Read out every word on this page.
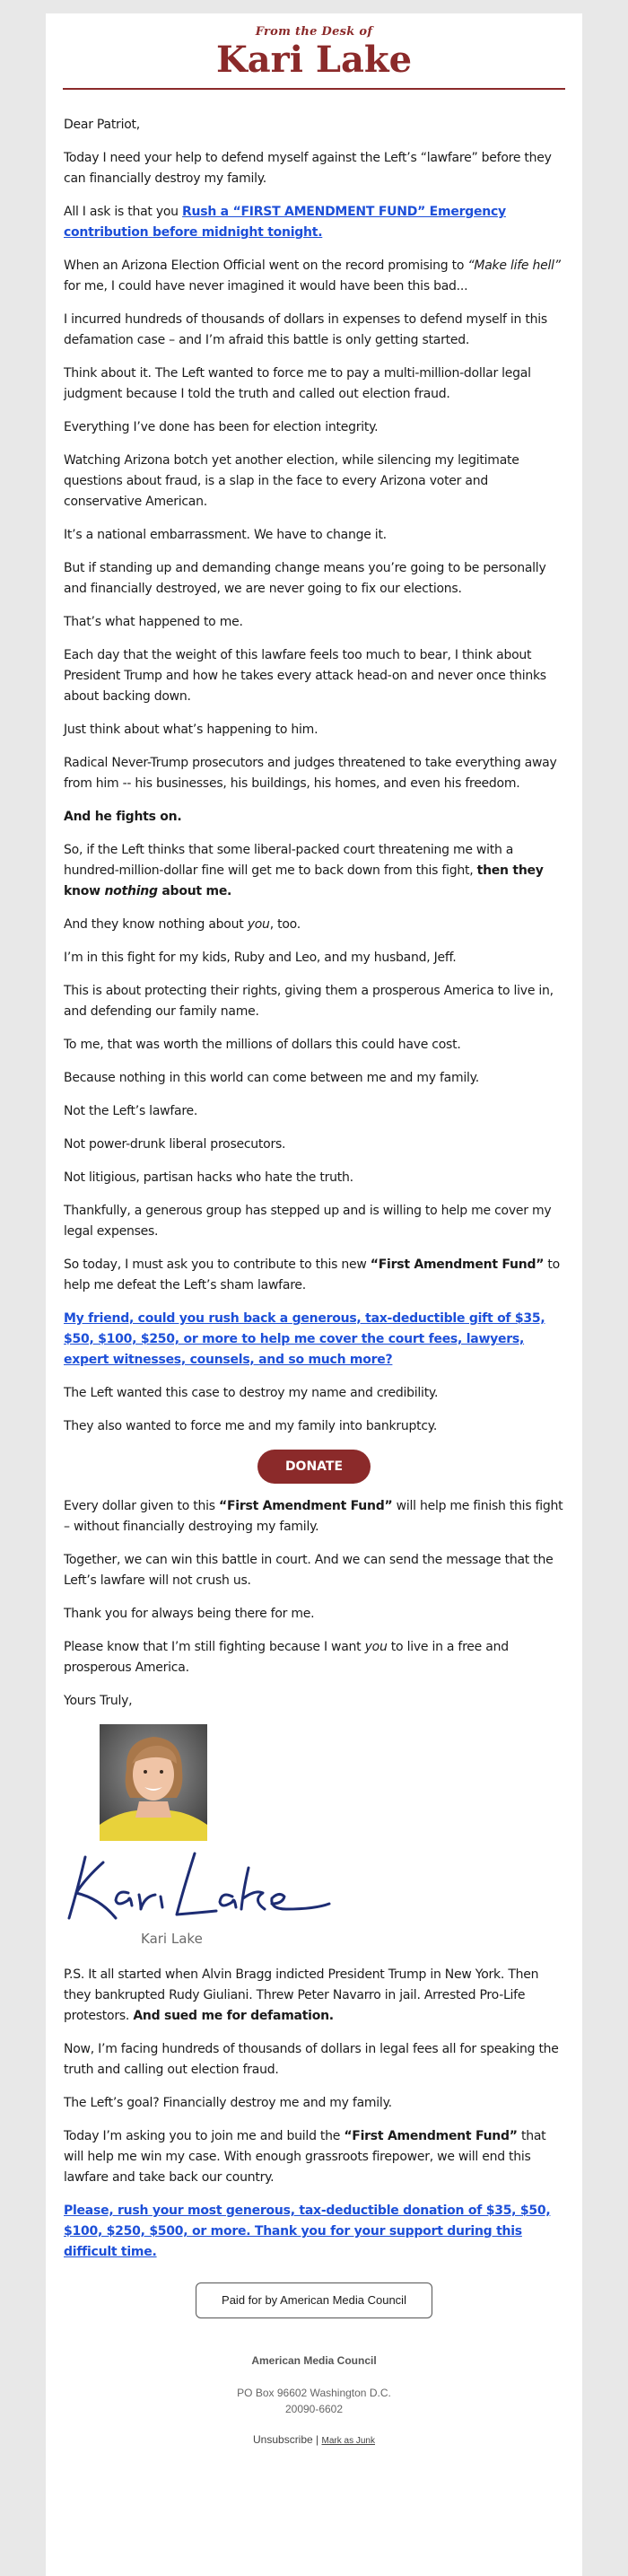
From the Desk of
Kari Lake

Dear Patriot,

Today I need your help to defend myself against the Left’s “lawfare” before they can financially destroy my family.

All I ask is that you Rush a “FIRST AMENDMENT FUND” Emergency contribution before midnight tonight.

When an Arizona Election Official went on the record promising to “Make life hell” for me, I could have never imagined it would have been this bad...

I incurred hundreds of thousands of dollars in expenses to defend myself in this defamation case – and I’m afraid this battle is only getting started.

Think about it. The Left wanted to force me to pay a multi-million-dollar legal judgment because I told the truth and called out election fraud.

Everything I’ve done has been for election integrity.

Watching Arizona botch yet another election, while silencing my legitimate questions about fraud, is a slap in the face to every Arizona voter and conservative American.

It’s a national embarrassment. We have to change it.

But if standing up and demanding change means you’re going to be personally and financially destroyed, we are never going to fix our elections.

That’s what happened to me.

Each day that the weight of this lawfare feels too much to bear, I think about President Trump and how he takes every attack head-on and never once thinks about backing down.

Just think about what’s happening to him.

Radical Never-Trump prosecutors and judges threatened to take everything away from him -- his businesses, his buildings, his homes, and even his freedom.

And he fights on.

So, if the Left thinks that some liberal-packed court threatening me with a hundred-million-dollar fine will get me to back down from this fight, then they know nothing about me.

And they know nothing about you, too.

I’m in this fight for my kids, Ruby and Leo, and my husband, Jeff.

This is about protecting their rights, giving them a prosperous America to live in, and defending our family name.

To me, that was worth the millions of dollars this could have cost.

Because nothing in this world can come between me and my family.

Not the Left’s lawfare.

Not power-drunk liberal prosecutors.

Not litigious, partisan hacks who hate the truth.

Thankfully, a generous group has stepped up and is willing to help me cover my legal expenses.

So today, I must ask you to contribute to this new “First Amendment Fund” to help me defeat the Left’s sham lawfare.

My friend, could you rush back a generous, tax-deductible gift of $35, $50, $100, $250, or more to help me cover the court fees, lawyers, expert witnesses, counsels, and so much more?

The Left wanted this case to destroy my name and credibility.

They also wanted to force me and my family into bankruptcy.

DONATE

Every dollar given to this “First Amendment Fund” will help me finish this fight – without financially destroying my family.

Together, we can win this battle in court. And we can send the message that the Left’s lawfare will not crush us.

Thank you for always being there for me.

Please know that I’m still fighting because I want you to live in a free and prosperous America.

Yours Truly,

Kari Lake

P.S. It all started when Alvin Bragg indicted President Trump in New York. Then they bankrupted Rudy Giuliani. Threw Peter Navarro in jail. Arrested Pro-Life protestors. And sued me for defamation.

Now, I’m facing hundreds of thousands of dollars in legal fees all for speaking the truth and calling out election fraud.

The Left’s goal? Financially destroy me and my family.

Today I’m asking you to join me and build the “First Amendment Fund” that will help me win my case. With enough grassroots firepower, we will end this lawfare and take back our country.

Please, rush your most generous, tax-deductible donation of $35, $50, $100, $250, $500, or more. Thank you for your support during this difficult time.

Paid for by American Media Council
American Media Council
PO Box 96602 Washington D.C.
20090-6602
Unsubscribe | Mark as Junk
